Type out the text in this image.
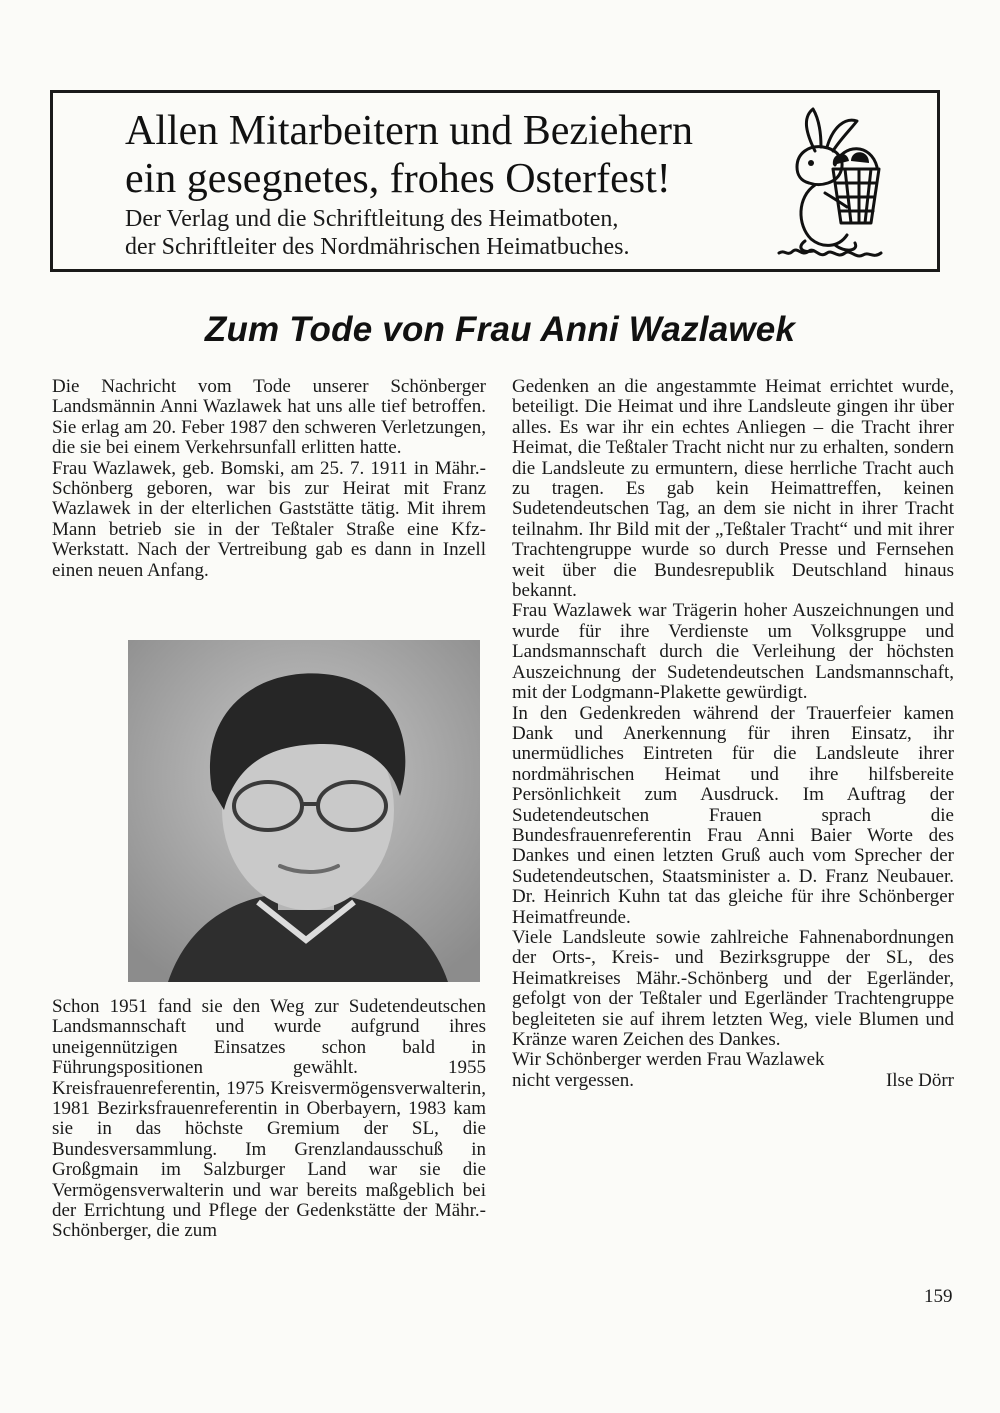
Allen Mitarbeitern und Beziehern
ein gesegnetes, frohes Osterfest!
Der Verlag und die Schriftleitung des Heimatboten,
der Schriftleiter des Nordmährischen Heimatbuches.
Zum Tode von Frau Anni Wazlawek

Die Nachricht vom Tode unserer Schönberger Landsmännin Anni Wazlawek hat uns alle tief betroffen. Sie erlag am 20. Feber 1987 den schweren Verletzungen, die sie bei einem Verkehrsunfall erlitten hatte.

Frau Wazlawek, geb. Bomski, am 25. 7. 1911 in Mähr.-Schönberg geboren, war bis zur Heirat mit Franz Wazlawek in der elterlichen Gaststätte tätig. Mit ihrem Mann betrieb sie in der Teßtaler Straße eine Kfz-Werkstatt. Nach der Vertreibung gab es dann in Inzell einen neuen Anfang.

Schon 1951 fand sie den Weg zur Sudetendeutschen Landsmannschaft und wurde aufgrund ihres uneigennützigen Einsatzes schon bald in Führungspositionen gewählt. 1955 Kreisfrauenreferentin, 1975 Kreisvermögensverwalterin, 1981 Bezirksfrauenreferentin in Oberbayern, 1983 kam sie in das höchste Gremium der SL, die Bundesversammlung. Im Grenzlandausschuß in Großgmain im Salzburger Land war sie die Vermögensverwalterin und war bereits maßgeblich bei der Errichtung und Pflege der Gedenkstätte der Mähr.-Schönberger, die zum

Gedenken an die angestammte Heimat errichtet wurde, beteiligt. Die Heimat und ihre Landsleute gingen ihr über alles. Es war ihr ein echtes Anliegen – die Tracht ihrer Heimat, die Teßtaler Tracht nicht nur zu erhalten, sondern die Landsleute zu ermuntern, diese herrliche Tracht auch zu tragen. Es gab kein Heimattreffen, keinen Sudetendeutschen Tag, an dem sie nicht in ihrer Tracht teilnahm. Ihr Bild mit der „Teßtaler Tracht“ und mit ihrer Trachtengruppe wurde so durch Presse und Fernsehen weit über die Bundesrepublik Deutschland hinaus bekannt.

Frau Wazlawek war Trägerin hoher Auszeichnungen und wurde für ihre Verdienste um Volksgruppe und Landsmannschaft durch die Verleihung der höchsten Auszeichnung der Sudetendeutschen Landsmannschaft, mit der Lodgmann-Plakette gewürdigt.

In den Gedenkreden während der Trauerfeier kamen Dank und Anerkennung für ihren Einsatz, ihr unermüdliches Eintreten für die Landsleute ihrer nordmährischen Heimat und ihre hilfsbereite Persönlichkeit zum Ausdruck. Im Auftrag der Sudetendeutschen Frauen sprach die Bundesfrauenreferentin Frau Anni Baier Worte des Dankes und einen letzten Gruß auch vom Sprecher der Sudetendeutschen, Staatsminister a. D. Franz Neubauer. Dr. Heinrich Kuhn tat das gleiche für ihre Schönberger Heimatfreunde.

Viele Landsleute sowie zahlreiche Fahnenabordnungen der Orts-, Kreis- und Bezirksgruppe der SL, des Heimatkreises Mähr.-Schönberg und der Egerländer, gefolgt von der Teßtaler und Egerländer Trachtengruppe begleiteten sie auf ihrem letzten Weg, viele Blumen und Kränze waren Zeichen des Dankes.

Wir Schönberger werden Frau Wazlawek

nicht vergessen.	Ilse Dörr
159
